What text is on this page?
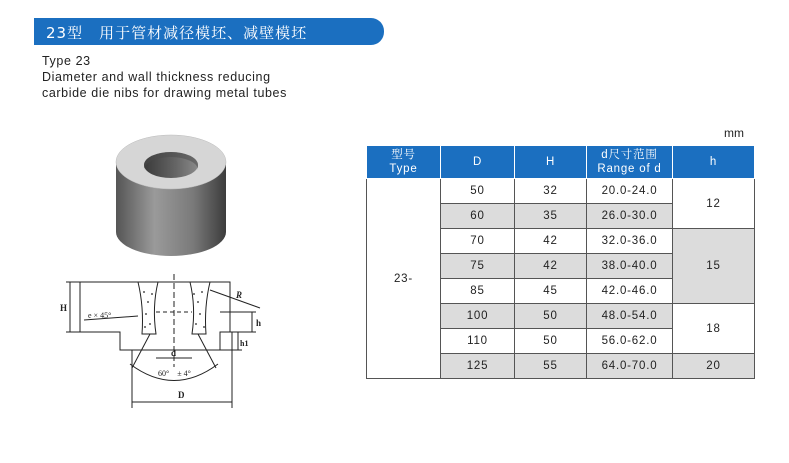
23型　用于管材减径模坯、减壁模坯
Type 23
Diameter and wall thickness reducing
carbide die nibs for drawing metal tubes
H
e × 45°
R
h
h1
d
60°　± 4°
D
mm
型号
Type	D	H	d尺寸范围
Range of d	h
23-	50	32	20.0-24.0	12
	60	35	26.0-30.0	
	70	42	32.0-36.0	15
	75	42	38.0-40.0	
	85	45	42.0-46.0	
	100	50	48.0-54.0	18
	110	50	56.0-62.0	
	125	55	64.0-70.0	20
